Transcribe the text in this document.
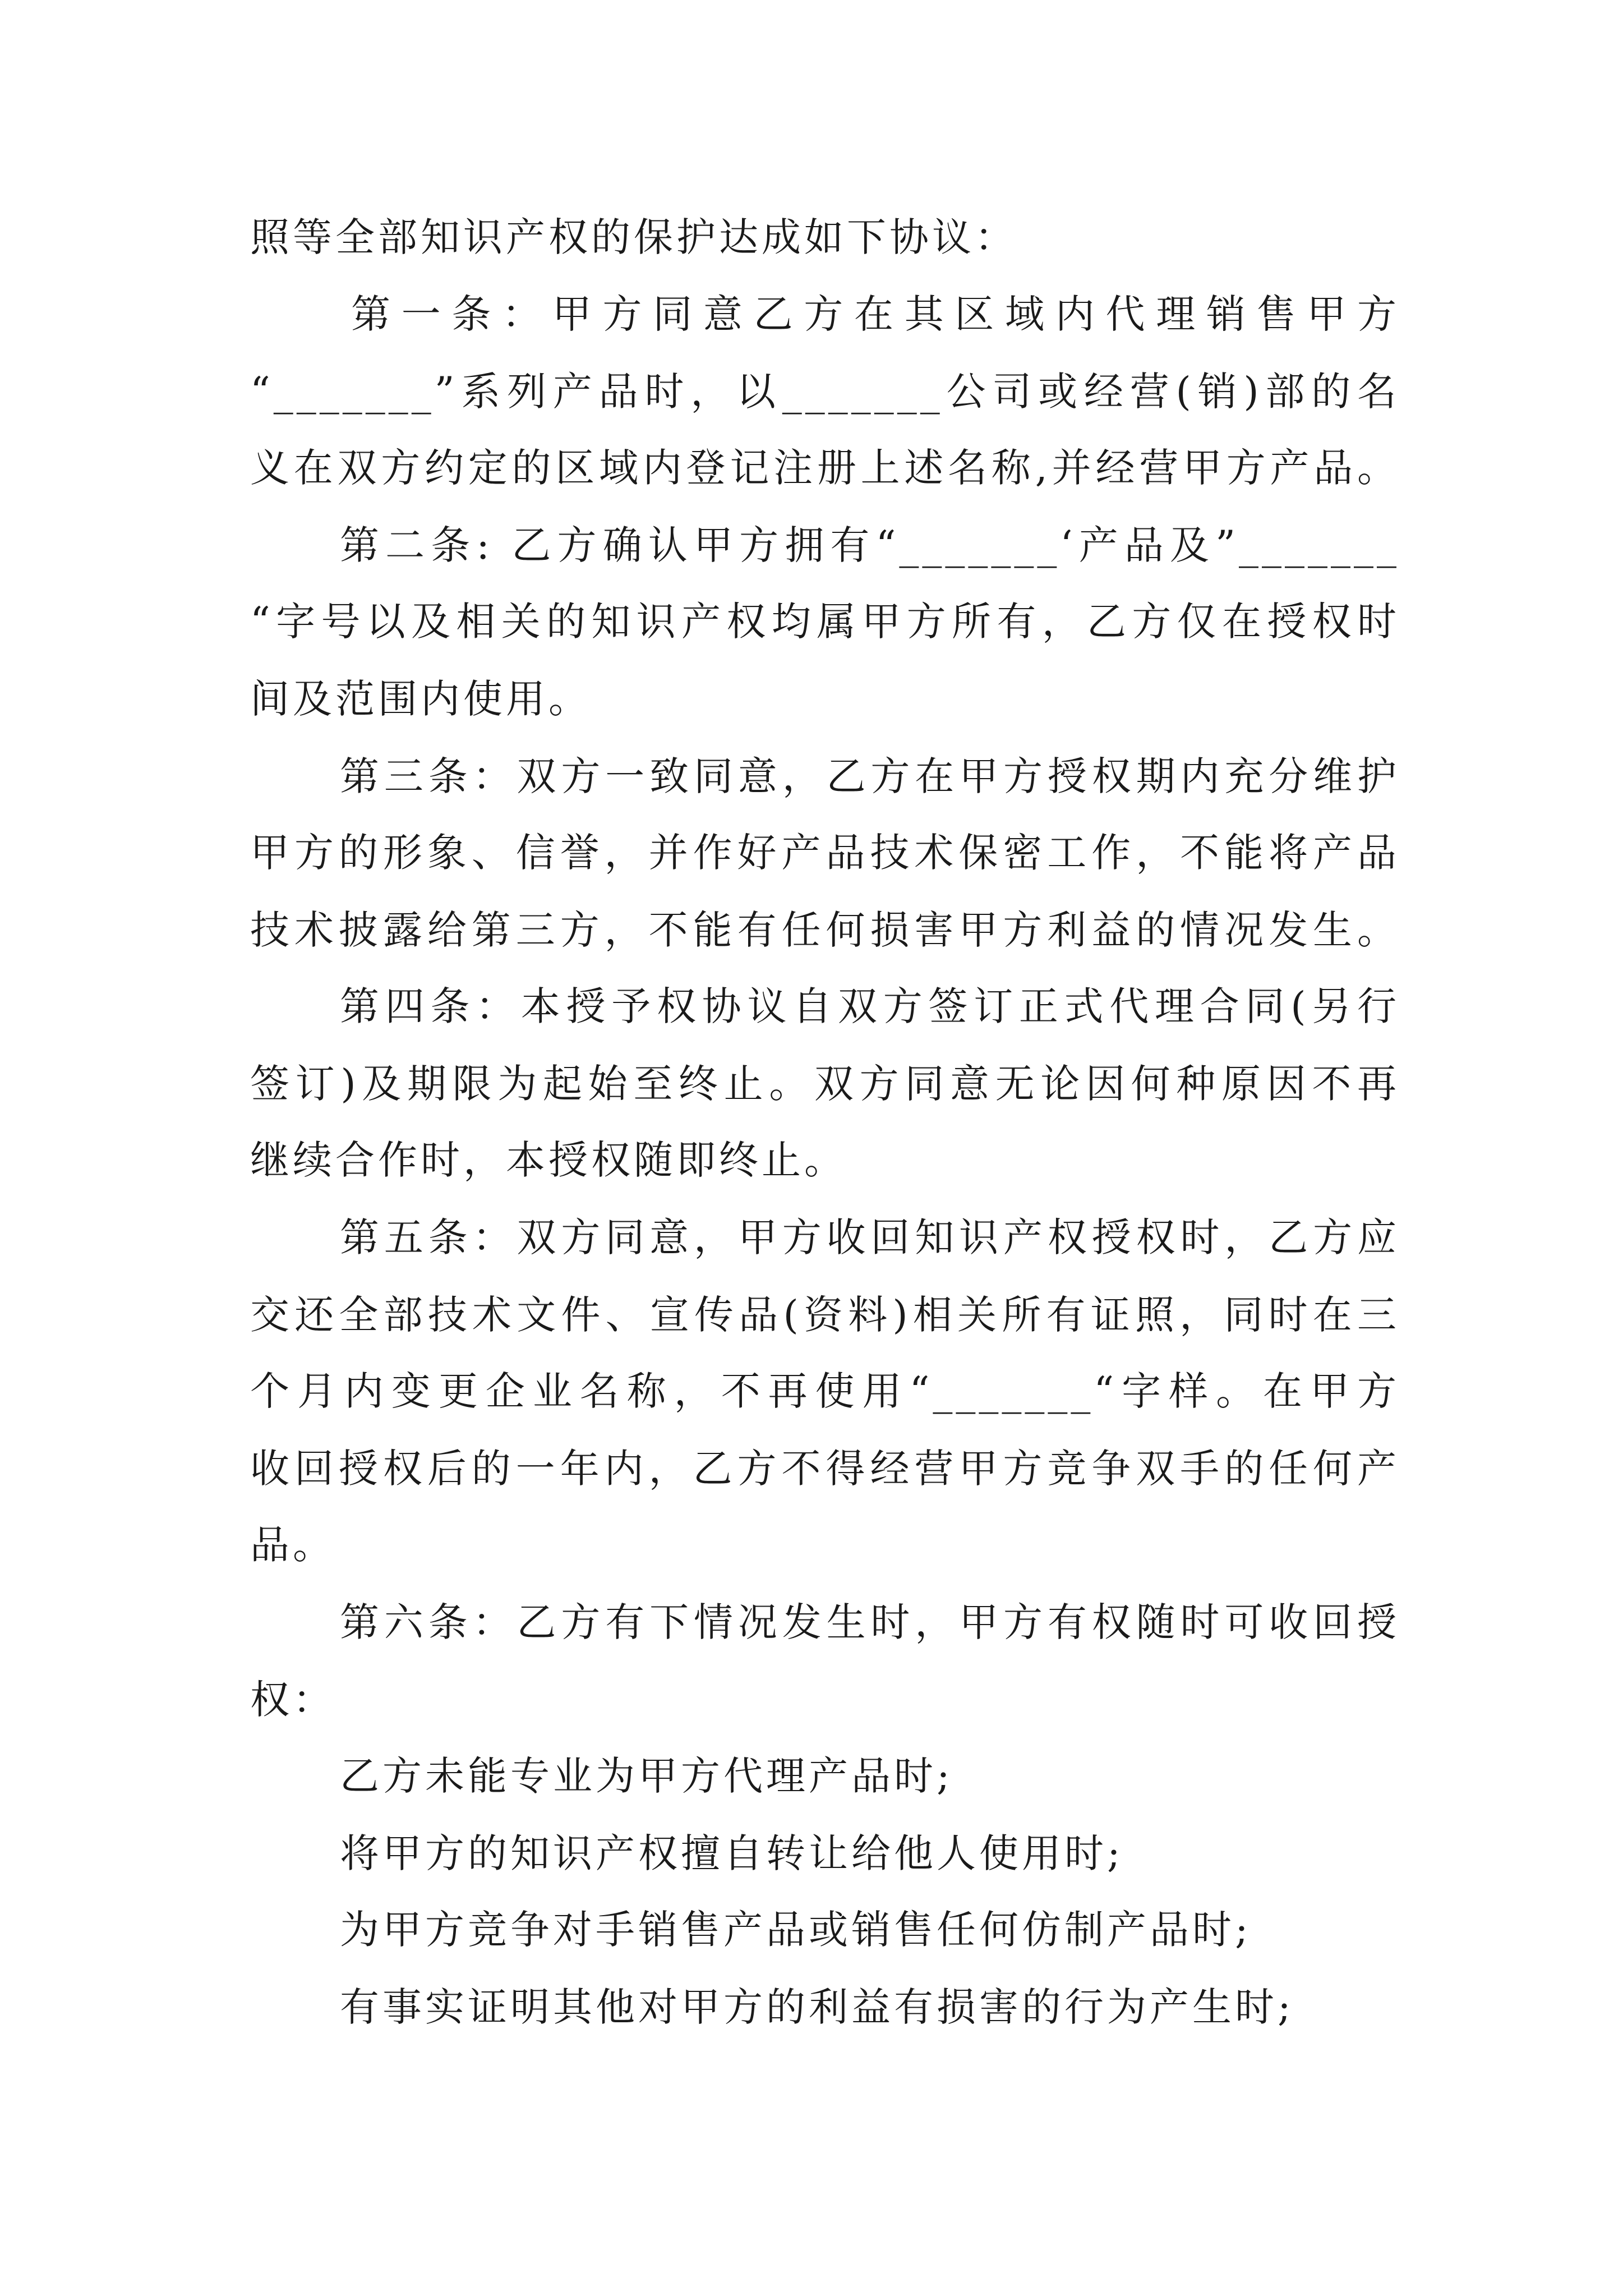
照等全部知识产权的保护达成如下协议：
第一条：甲方同意乙方在其区域内代理销售甲方
“_______”系列产品时，以_______公司或经营(销)部的名
义在双方约定的区域内登记注册上述名称,并经营甲方产品。
第二条: 乙方确认甲方拥有“_______‘产品及”_______
“字号以及相关的知识产权均属甲方所有，乙方仅在授权时
间及范围内使用。
第三条：双方一致同意，乙方在甲方授权期内充分维护
甲方的形象、信誉，并作好产品技术保密工作，不能将产品
技术披露给第三方，不能有任何损害甲方利益的情况发生。
第四条：本授予权协议自双方签订正式代理合同(另行
签订)及期限为起始至终止。双方同意无论因何种原因不再
继续合作时，本授权随即终止。
第五条：双方同意，甲方收回知识产权授权时，乙方应
交还全部技术文件、宣传品(资料)相关所有证照，同时在三
个月内变更企业名称，不再使用“_______“字样。在甲方
收回授权后的一年内，乙方不得经营甲方竞争双手的任何产
品。
第六条：乙方有下情况发生时，甲方有权随时可收回授
权：
乙方未能专业为甲方代理产品时;
将甲方的知识产权擅自转让给他人使用时;
为甲方竞争对手销售产品或销售任何仿制产品时;
有事实证明其他对甲方的利益有损害的行为产生时;
